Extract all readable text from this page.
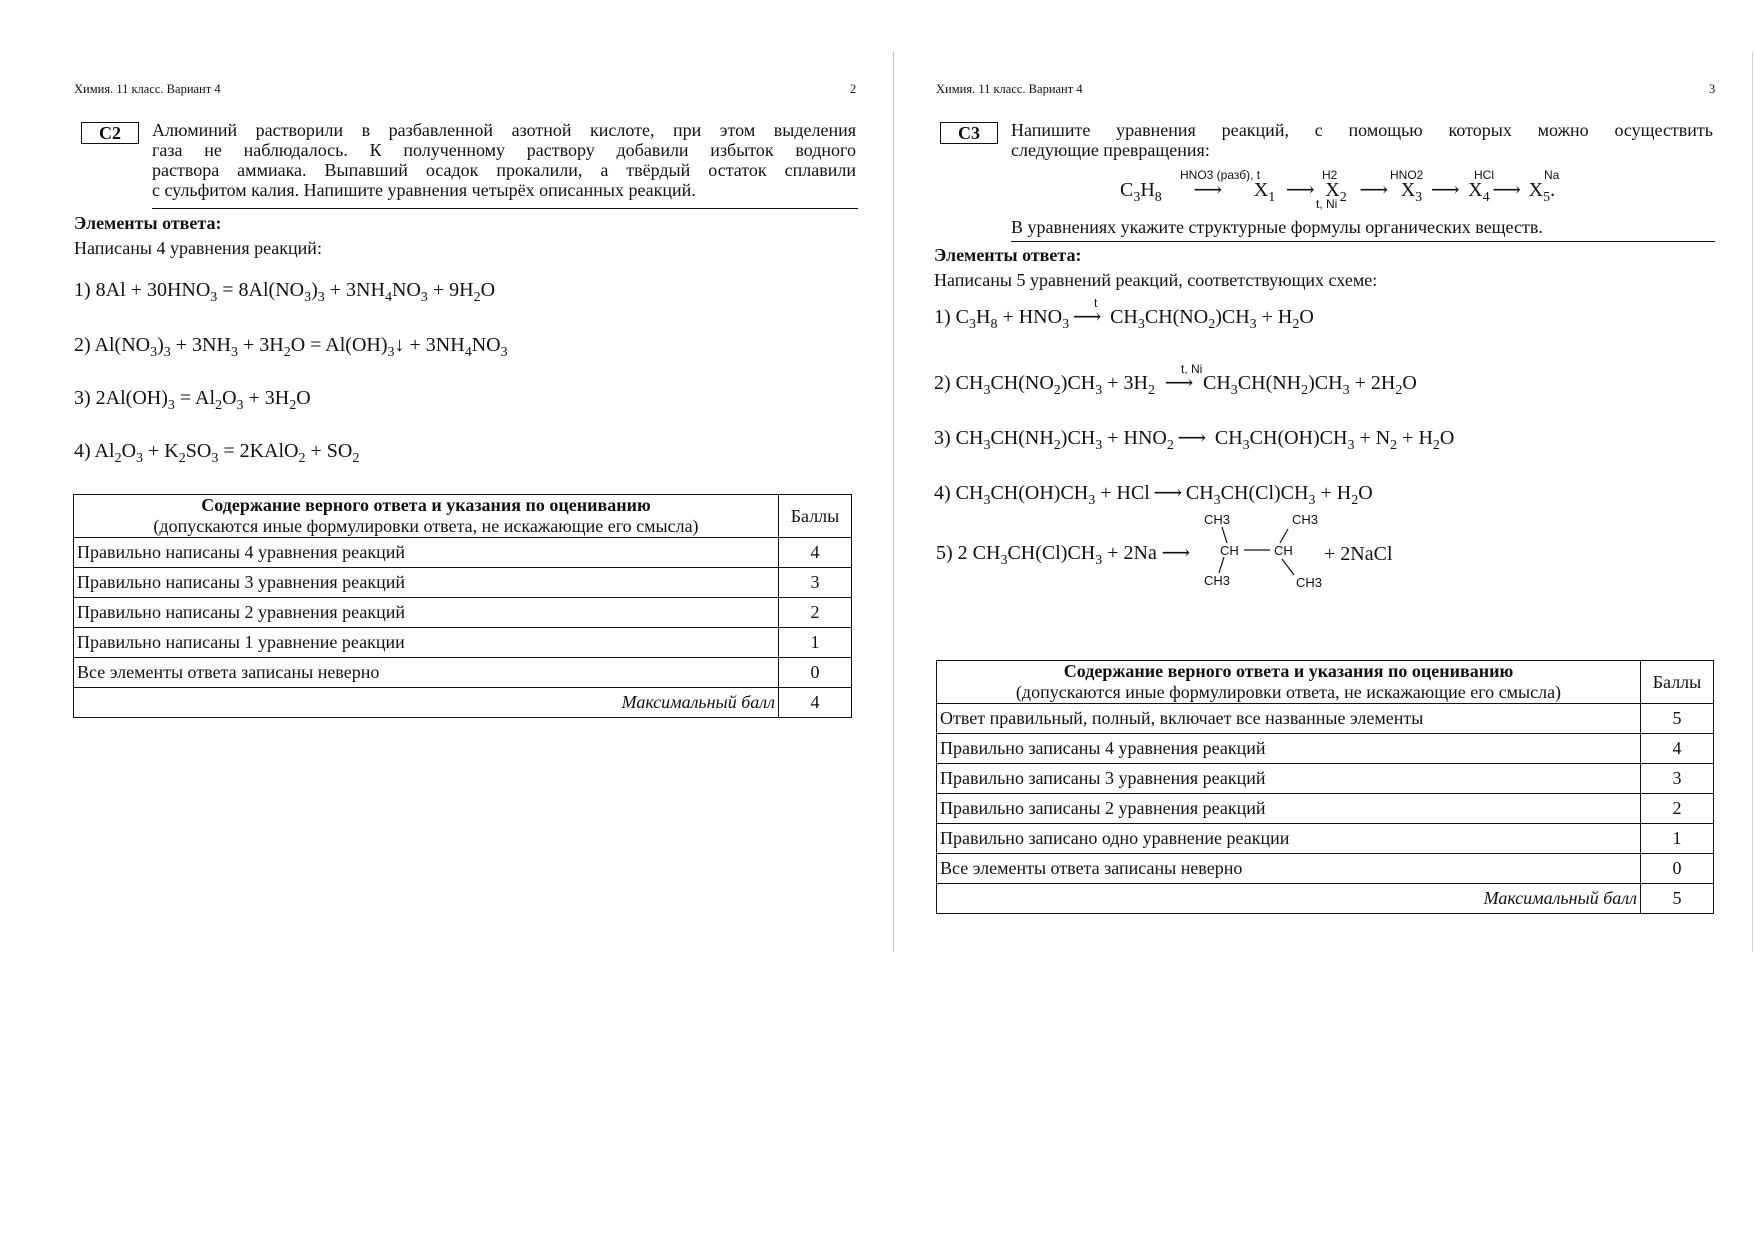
Химия. 11 класс. Вариант 4	2
C2	Алюминий растворили в разбавленной азотной кислоте, при этом выделения
газа не наблюдалось. К полученному раствору добавили избыток водного
раствора аммиака. Выпавший осадок прокалили, а твёрдый остаток сплавили
с сульфитом калия. Напишите уравнения четырёх описанных реакций.
Элементы ответа:
Написаны 4 уравнения реакций:
1) $8Al + 30HNO_3 = 8Al(NO_3)_3 + 3NH_4NO_3 + 9H_2O$
2) $Al(NO_3)_3 + 3NH_3 + 3H_2O$ = $Al(OH)_3↓ + 3NH_4NO_3$
3) $2Al(OH)_3 = Al_2O_3 + 3H_2O$
4) $Al_2O_3 + K_2SO_3$ = 2KAlO$_2$ + $SO_2$
Содержание верного ответа и указания по оцениванию
(допускаются иные формулировки ответа, не искажающие его смысла)	Баллы
Правильно написаны 4 уравнения реакций	4
Правильно написаны 3 уравнения реакций	3
Правильно написаны 2 уравнения реакций	2
Правильно написаны 1 уравнение реакции	1
Все элементы ответа записаны неверно	0
Максимальный балл	4
Химия. 11 класс. Вариант 4	3
C3	Напишите уравнения реакций, с помощью которых можно осуществить
следующие превращения:
HNO3 (разб), t	H2
t, Ni
HNO2	HCl	Na
$C_3H_8$ ⟶ $X_1$ ⟶ $X_2$ ⟶ $X_3$ ⟶ $X_4$ ⟶ $X_5$.
В уравнениях укажите структурные формулы органических веществ.
Элементы ответа:
Написаны 5 уравнений реакций, соответствующих схеме:
t
1) $C_3H_8 + HNO_3$ ⟶ $CH_3CH(NO_2)CH_3 + H_2O$
t, Ni
2) $CH_3CH(NO_2)CH_3 + 3H_2$ ⟶ $CH_3CH(NH_2)CH_3 + 2H_2O$
3) $CH_3CH(NH_2)CH_3 + HNO_2$ ⟶ $CH_3CH(OH)CH_3 + N_2 + H_2O$
4) $CH_3CH(OH)CH_3$ + HCl ⟶ $CH_3CH(Cl)CH_3 + H_2O$
5) 2 $CH_3CH(Cl)CH_3 + 2Na$ ⟶
CH3	CH3
CH	CH
CH3	CH3
+ 2NaCl
Содержание верного ответа и указания по оцениванию
(допускаются иные формулировки ответа, не искажающие его смысла)	Баллы
Ответ правильный, полный, включает все названные элементы	5
Правильно записаны 4 уравнения реакций	4
Правильно записаны 3 уравнения реакций	3
Правильно записаны 2 уравнения реакций	2
Правильно записано одно уравнение реакции	1
Все элементы ответа записаны неверно	0
Максимальный балл	5
